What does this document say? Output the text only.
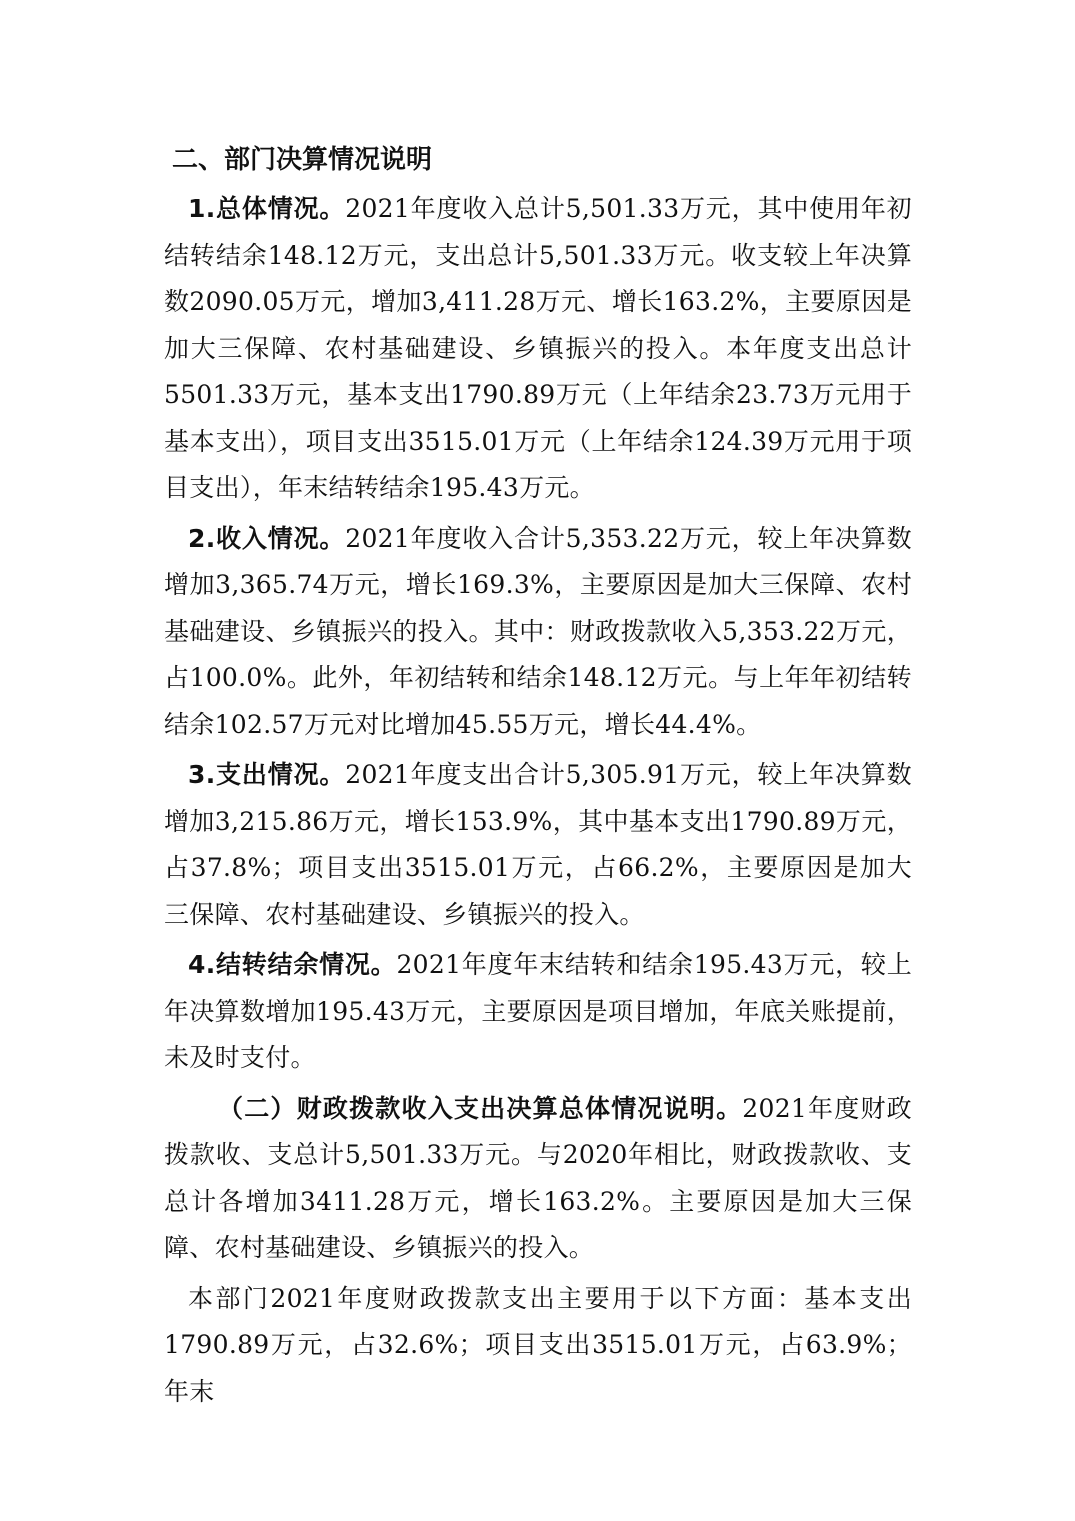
二、部门决算情况说明

1.总体情况。2021年度收入总计5,501.33万元，其中使用年初结转结余148.12万元，支出总计5,501.33万元。收支较上年决算数2090.05万元，增加3,411.28万元、增长163.2%，主要原因是加大三保障、农村基础建设、乡镇振兴的投入。本年度支出总计5501.33万元，基本支出1790.89万元（上年结余23.73万元用于基本支出），项目支出3515.01万元（上年结余124.39万元用于项目支出），年末结转结余195.43万元。

2.收入情况。2021年度收入合计5,353.22万元，较上年决算数增加3,365.74万元，增长169.3%，主要原因是加大三保障、农村基础建设、乡镇振兴的投入。其中：财政拨款收入5,353.22万元，占100.0%。此外，年初结转和结余148.12万元。与上年年初结转结余102.57万元对比增加45.55万元，增长44.4%。

3.支出情况。2021年度支出合计5,305.91万元，较上年决算数增加3,215.86万元，增长153.9%，其中基本支出1790.89万元，占37.8%；项目支出3515.01万元，占66.2%，主要原因是加大三保障、农村基础建设、乡镇振兴的投入。

4.结转结余情况。2021年度年末结转和结余195.43万元，较上年决算数增加195.43万元，主要原因是项目增加，年底关账提前，未及时支付。

（二）财政拨款收入支出决算总体情况说明。2021年度财政拨款收、支总计5,501.33万元。与2020年相比，财政拨款收、支总计各增加3411.28万元，增长163.2%。主要原因是加大三保障、农村基础建设、乡镇振兴的投入。

本部门2021年度财政拨款支出主要用于以下方面：基本支出1790.89万元，占32.6%；项目支出3515.01万元，占63.9%；年末
